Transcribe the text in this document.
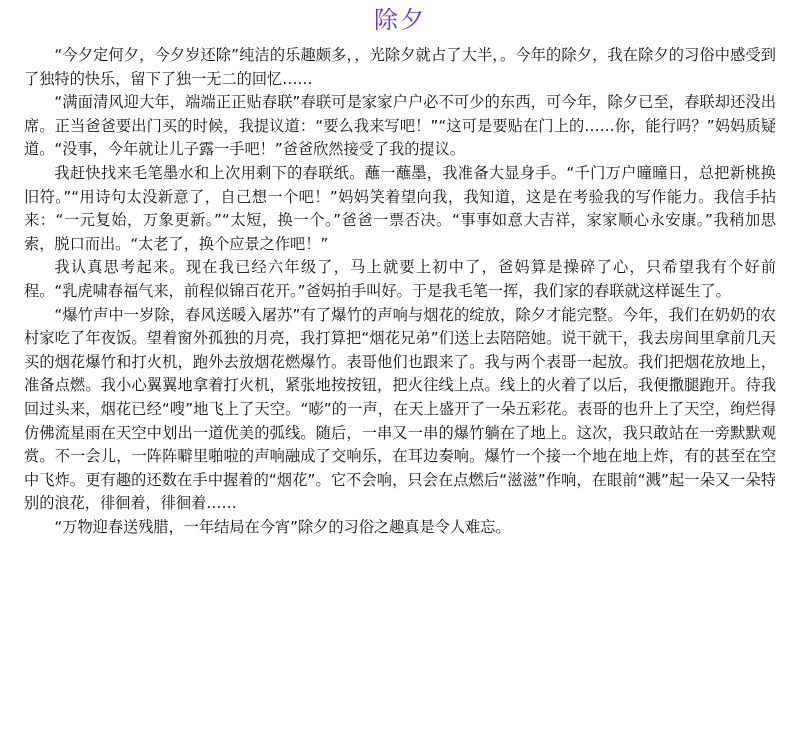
除夕

“今夕定何夕，今夕岁还除”纯洁的乐趣颇多，，光除夕就占了大半，。今年的除夕，我在除夕的习俗中感受到了独特的快乐，留下了独一无二的回忆……

“满面清风迎大年，端端正正贴春联”春联可是家家户户必不可少的东西，可今年，除夕已至，春联却还没出席。正当爸爸要出门买的时候，我提议道：“要么我来写吧！”“这可是要贴在门上的……你，能行吗？”妈妈质疑道。“没事，今年就让儿子露一手吧！”爸爸欣然接受了我的提议。

我赶快找来毛笔墨水和上次用剩下的春联纸。蘸一蘸墨，我准备大显身手。“千门万户曈曈日，总把新桃换旧符。”“用诗句太没新意了，自己想一个吧！”妈妈笑着望向我，我知道，这是在考验我的写作能力。我信手拈来：“一元复始，万象更新。”“太短，换一个。”爸爸一票否决。“事事如意大吉祥，家家顺心永安康。”我稍加思索，脱口而出。“太老了，换个应景之作吧！”

我认真思考起来。现在我已经六年级了，马上就要上初中了，爸妈算是操碎了心，只希望我有个好前程。“乳虎啸春福气来，前程似锦百花开。”爸妈拍手叫好。于是我毛笔一挥，我们家的春联就这样诞生了。

“爆竹声中一岁除，春风送暖入屠苏”有了爆竹的声响与烟花的绽放，除夕才能完整。今年，我们在奶奶的农村家吃了年夜饭。望着窗外孤独的月亮，我打算把“烟花兄弟”们送上去陪陪她。说干就干，我去房间里拿前几天买的烟花爆竹和打火机，跑外去放烟花燃爆竹。表哥他们也跟来了。我与两个表哥一起放。我们把烟花放地上，准备点燃。我小心翼翼地拿着打火机，紧张地按按钮，把火往线上点。线上的火着了以后，我便撒腿跑开。待我回过头来，烟花已经“嗖”地飞上了天空。“嘭”的一声，在天上盛开了一朵五彩花。表哥的也升上了天空，绚烂得仿佛流星雨在天空中划出一道优美的弧线。随后，一串又一串的爆竹躺在了地上。这次，我只敢站在一旁默默观赏。不一会儿，一阵阵噼里啪啦的声响融成了交响乐，在耳边奏响。爆竹一个接一个地在地上炸，有的甚至在空中飞炸。更有趣的还数在手中握着的“烟花”。它不会响，只会在点燃后“滋滋”作响，在眼前“溅”起一朵又一朵特别的浪花，徘徊着，徘徊着……

“万物迎春送残腊，一年结局在今宵”除夕的习俗之趣真是令人难忘。
